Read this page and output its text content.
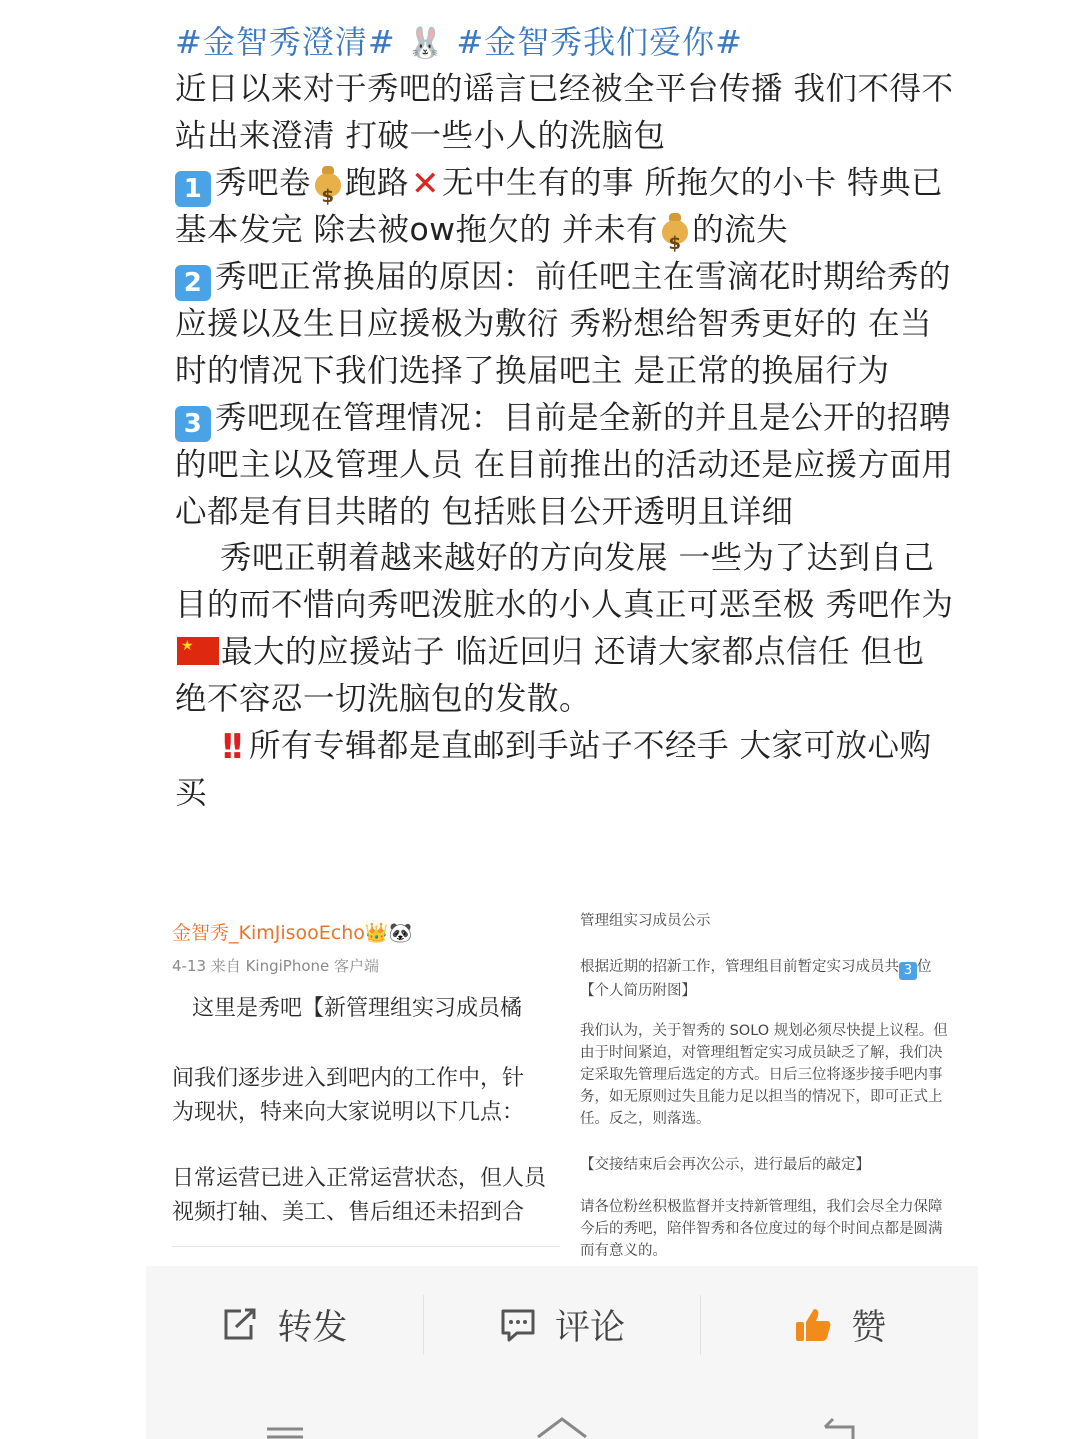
#金智秀澄清# 🐰 #金智秀我们爱你#

近日以来对于秀吧的谣言已经被全平台传播 我们不得不站出来澄清 打破一些小人的洗脑包

1 秀吧卷 $ 跑路✕无中生有的事 所拖欠的小卡 特典已基本发完 除去被ow拖欠的 并未有 $ 的流失

2 秀吧正常换届的原因：前任吧主在雪滴花时期给秀的应援以及生日应援极为敷衍 秀粉想给智秀更好的 在当时的情况下我们选择了换届吧主 是正常的换届行为

3 秀吧现在管理情况：目前是全新的并且是公开的招聘的吧主以及管理人员 在目前推出的活动还是应援方面用心都是有目共睹的 包括账目公开透明且详细

秀吧正朝着越来越好的方向发展 一些为了达到自己目的而不惜向秀吧泼脏水的小人真正可恶至极 秀吧作为★最大的应援站子 临近回归 还请大家都点信任 但也绝不容忍一切洗脑包的发散。

!! 所有专辑都是直邮到手站子不经手 大家可放心购买

金智秀_KimJisooEcho👑🐼
4-13 来自 KingiPhone 客户端
这里是秀吧【新管理组实习成员橘
间我们逐步进入到吧内的工作中，针
为现状，特来向大家说明以下几点：
日常运营已进入正常运营状态，但人员
视频打轴、美工、售后组还未招到合

管理组实习成员公示

根据近期的招新工作，管理组目前暂定实习成员共 3 位【个人简历附图】

我们认为，关于智秀的 SOLO 规划必须尽快提上议程。但由于时间紧迫，对管理组暂定实习成员缺乏了解，我们决定采取先管理后选定的方式。日后三位将逐步接手吧内事务，如无原则过失且能力足以担当的情况下，即可正式上任。反之，则落选。

【交接结束后会再次公示，进行最后的敲定】

请各位粉丝积极监督并支持新管理组，我们会尽全力保障今后的秀吧，陪伴智秀和各位度过的每个时间点都是圆满而有意义的。

转发	评论	赞
